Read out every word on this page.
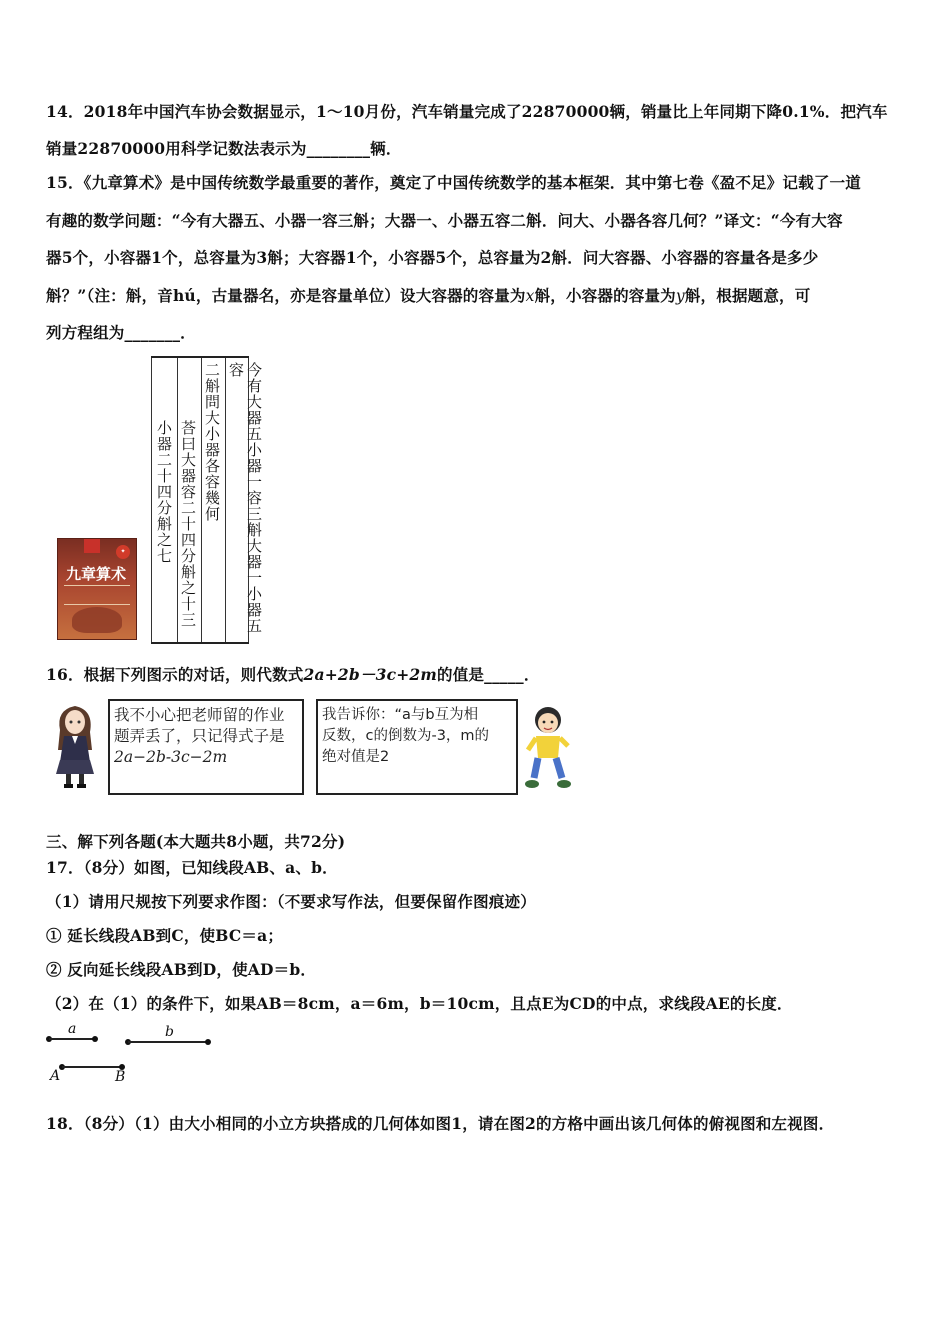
14．2018年中国汽车协会数据显示，1～10月份，汽车销量完成了22870000辆，销量比上年同期下降0.1%．把汽车
销量22870000用科学记数法表示为________辆．
15．《九章算术》是中国传统数学最重要的著作，奠定了中国传统数学的基本框架．其中第七卷《盈不足》记载了一道
有趣的数学问题：“今有大器五、小器一容三斛；大器一、小器五容二斛．问大、小器各容几何？”译文：“今有大容
器5个，小容器1个，总容量为3斛；大容器1个，小容器5个，总容量为2斛．问大容器、小容器的容量各是多少
斛？”（注：斛，音hú，古量器名，亦是容量单位）设大容器的容量为x斛，小容器的容量为y斛，根据题意，可
列方程组为_______．
✦
九章算术	今有大器五小器一容三斛大器一小器五容
二斛問大小器各容幾何
荅曰大器容二十四分斛之十三
小器二十四分斛之七
16．根据下列图示的对话，则代数式2a+2b－3c+2m的值是_____．
我不小心把老师留的作业
题弄丢了，只记得式子是
2a−2b-3c−2m
我告诉你：“a与b互为相
反数，c的倒数为-3，m的
绝对值是2
三、解下列各题(本大题共8小题，共72分)
17．（8分）如图，已知线段AB、a、b．
（1）请用尺规按下列要求作图：（不要求写作法，但要保留作图痕迹）
① 延长线段AB到C，使BC＝a；
② 反向延长线段AB到D，使AD＝b．
（2）在（1）的条件下，如果AB＝8cm，a＝6m，b＝10cm，且点E为CD的中点，求线段AE的长度．
a	b
A	B
18．（8分）（1）由大小相同的小立方块搭成的几何体如图1，请在图2的方格中画出该几何体的俯视图和左视图．
